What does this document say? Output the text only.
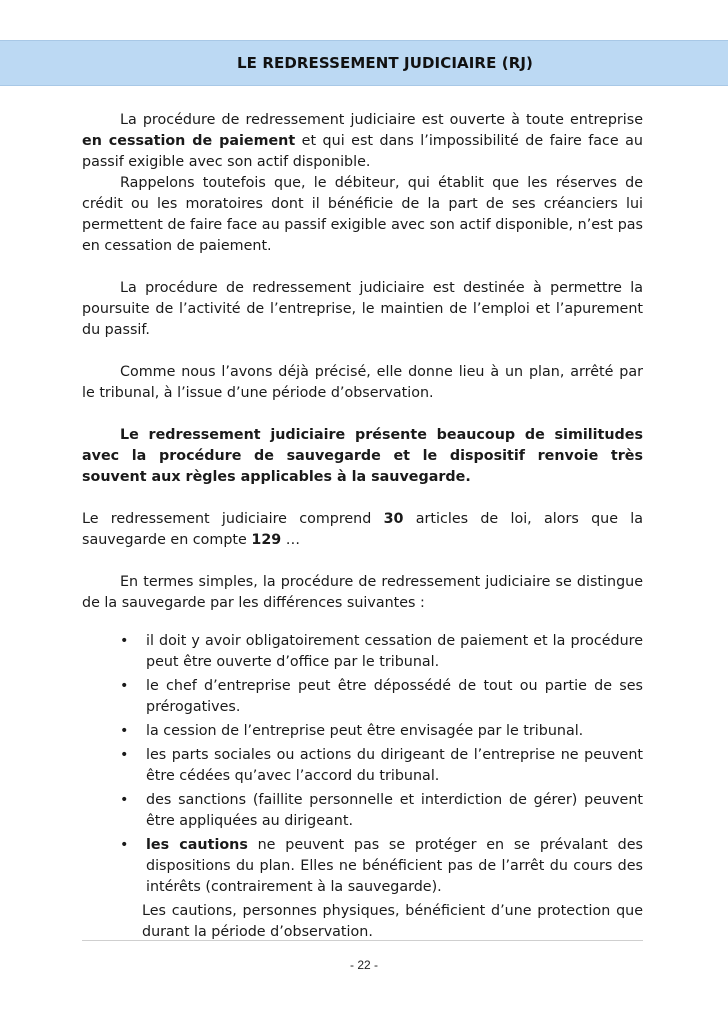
LE REDRESSEMENT JUDICIAIRE (RJ)

La procédure de redressement judiciaire est ouverte à toute entreprise en cessation de paiement et qui est dans l’impossibilité de faire face au passif exigible avec son actif disponible.

Rappelons toutefois que, le débiteur, qui établit que les réserves de crédit ou les moratoires dont il bénéficie de la part de ses créanciers lui permettent de faire face au passif exigible avec son actif disponible, n’est pas en cessation de paiement.

La procédure de redressement judiciaire est destinée à permettre la poursuite de l’activité de l’entreprise, le maintien de l’emploi et l’apurement du passif.

Comme nous l’avons déjà précisé, elle donne lieu à un plan, arrêté par le tribunal, à l’issue d’une période d’observation.

Le redressement judiciaire présente beaucoup de similitudes avec la procédure de sauvegarde et le dispositif renvoie très souvent aux règles applicables à la sauvegarde.

Le redressement judiciaire comprend 30 articles de loi, alors que la sauvegarde en compte 129 …

En termes simples, la procédure de redressement judiciaire se distingue de la sauvegarde par les différences suivantes :

• il doit y avoir obligatoirement cessation de paiement et la procédure peut être ouverte d’office par le tribunal.
• le chef d’entreprise peut être dépossédé de tout ou partie de ses prérogatives.
• la cession de l’entreprise peut être envisagée par le tribunal.
• les parts sociales ou actions du dirigeant de l’entreprise ne peuvent être cédées qu’avec l’accord du tribunal.
• des sanctions (faillite personnelle et interdiction de gérer) peuvent être appliquées au dirigeant.
• les cautions ne peuvent pas se protéger en se prévalant des dispositions du plan. Elles ne bénéficient pas de l’arrêt du cours des intérêts (contrairement à la sauvegarde).

Les cautions, personnes physiques, bénéficient d’une protection que durant la période d’observation.

- 22 -
